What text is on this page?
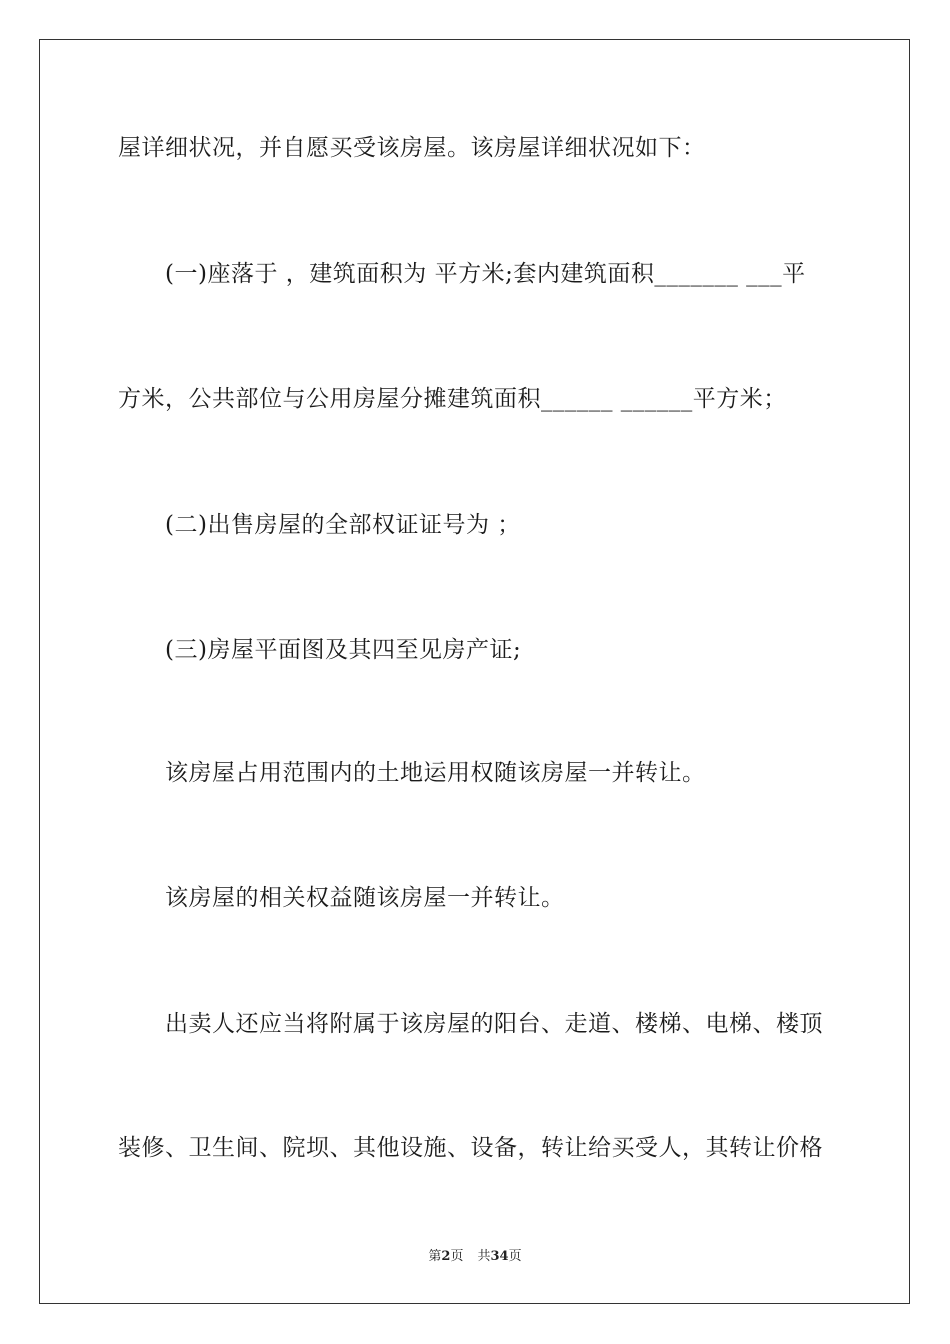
屋详细状况，并自愿买受该房屋。该房屋详细状况如下：
(一)座落于 ，建筑面积为 平方米;套内建筑面积_______ ___平
方米，公共部位与公用房屋分摊建筑面积______ ______平方米；
(二)出售房屋的全部权证证号为 ；
(三)房屋平面图及其四至见房产证;
该房屋占用范围内的土地运用权随该房屋一并转让。
该房屋的相关权益随该房屋一并转让。
出卖人还应当将附属于该房屋的阳台、走道、楼梯、电梯、楼顶
装修、卫生间、院坝、其他设施、设备，转让给买受人，其转让价格
第2页 共34页
